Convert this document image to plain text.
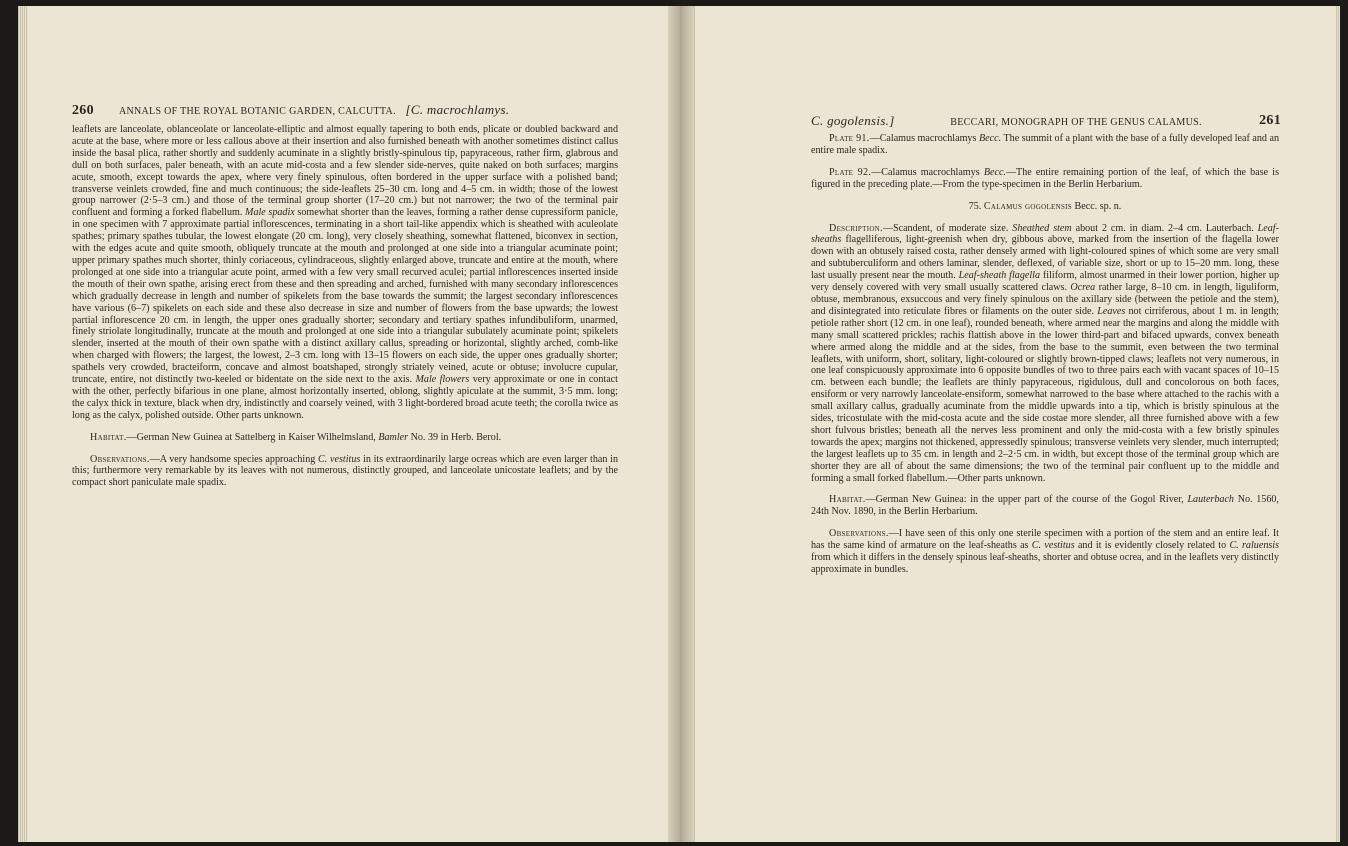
260	ANNALS OF THE ROYAL BOTANIC GARDEN, CALCUTTA. [C. macrochlamys.

leaflets are lanceolate, oblanceolate or lanceolate-elliptic and almost equally tapering to both ends, plicate or doubled backward and acute at the base, where more or less callous above at their insertion and also furnished beneath with another sometimes distinct callus inside the basal plica, rather shortly and suddenly acuminate in a slightly bristly-spinulous tip, papyraceous, rather firm, glabrous and dull on both surfaces, paler beneath, with an acute mid-costa and a few slender side-nerves, quite naked on both surfaces; margins acute, smooth, except towards the apex, where very finely spinulous, often bordered in the upper surface with a polished band; transverse veinlets crowded, fine and much continuous; the side-leaflets 25–30 cm. long and 4–5 cm. in width; those of the lowest group narrower (2·5–3 cm.) and those of the terminal group shorter (17–20 cm.) but not narrower; the two of the terminal pair confluent and forming a forked flabellum. Male spadix somewhat shorter than the leaves, forming a rather dense cupressiform panicle, in one specimen with 7 approximate partial inflorescences, terminating in a short tail-like appendix which is sheathed with aculeolate spathes; primary spathes tubular, the lowest elongate (20 cm. long), very closely sheathing, somewhat flattened, biconvex in section, with the edges acute and quite smooth, obliquely truncate at the mouth and prolonged at one side into a triangular acuminate point; upper primary spathes much shorter, thinly coriaceous, cylindraceous, slightly enlarged above, truncate and entire at the mouth, where prolonged at one side into a triangular acute point, armed with a few very small recurved aculei; partial inflorescences inserted inside the mouth of their own spathe, arising erect from these and then spreading and arched, furnished with many secondary inflorescences which gradually decrease in length and number of spikelets from the base towards the summit; the largest secondary inflorescences have various (6–7) spikelets on each side and these also decrease in size and number of flowers from the base upwards; the lowest partial inflorescence 20 cm. in length, the upper ones gradually shorter; secondary and tertiary spathes infundibuliform, unarmed, finely striolate longitudinally, truncate at the mouth and prolonged at one side into a triangular subulately acuminate point; spikelets slender, inserted at the mouth of their own spathe with a distinct axillary callus, spreading or horizontal, slightly arched, comb-like when charged with flowers; the largest, the lowest, 2–3 cm. long with 13–15 flowers on each side, the upper ones gradually shorter; spathels very crowded, bracteiform, concave and almost boatshaped, strongly striately veined, acute or obtuse; involucre cupular, truncate, entire, not distinctly two-keeled or bidentate on the side next to the axis. Male flowers very approximate or one in contact with the other, perfectly bifarious in one plane, almost horizontally inserted, oblong, slightly apiculate at the summit, 3·5 mm. long; the calyx thick in texture, black when dry, indistinctly and coarsely veined, with 3 light-bordered broad acute teeth; the corolla twice as long as the calyx, polished outside. Other parts unknown.

Habitat.—German New Guinea at Sattelberg in Kaiser Wilhelmsland, Bamler No. 39 in Herb. Berol.

Observations.—A very handsome species approaching C. vestitus in its extraordinarily large ocreas which are even larger than in this; furthermore very remarkable by its leaves with not numerous, distinctly grouped, and lanceolate unicostate leaflets; and by the compact short paniculate male spadix.

C. gogolensis.]	BECCARI, MONOGRAPH OF THE GENUS CALAMUS.	261

Plate 91.—Calamus macrochlamys Becc. The summit of a plant with the base of a fully developed leaf and an entire male spadix.

Plate 92.—Calamus macrochlamys Becc.—The entire remaining portion of the leaf, of which the base is figured in the preceding plate.—From the type-specimen in the Berlin Herbarium.

75. Calamus gogolensis Becc. sp. n.

Description.—Scandent, of moderate size. Sheathed stem about 2 cm. in diam. 2–4 cm. Lauterbach. Leaf-sheaths flagelliferous, light-greenish when dry, gibbous above, marked from the insertion of the flagella lower down with an obtusely raised costa, rather densely armed with light-coloured spines of which some are very small and subtuberculiform and others laminar, slender, deflexed, of variable size, short or up to 15–20 mm. long, these last usually present near the mouth. Leaf-sheath flagella filiform, almost unarmed in their lower portion, higher up very densely covered with very small usually scattered claws. Ocrea rather large, 8–10 cm. in length, liguliform, obtuse, membranous, exsuccous and very finely spinulous on the axillary side (between the petiole and the stem), and disintegrated into reticulate fibres or filaments on the outer side. Leaves not cirriferous, about 1 m. in length; petiole rather short (12 cm. in one leaf), rounded beneath, where armed near the margins and along the middle with many small scattered prickles; rachis flattish above in the lower third-part and bifaced upwards, convex beneath where armed along the middle and at the sides, from the base to the summit, even between the two terminal leaflets, with uniform, short, solitary, light-coloured or slightly brown-tipped claws; leaflets not very numerous, in one leaf conspicuously approximate into 6 opposite bundles of two to three pairs each with vacant spaces of 10–15 cm. between each bundle; the leaflets are thinly papyraceous, rigidulous, dull and concolorous on both faces, ensiform or very narrowly lanceolate-ensiform, somewhat narrowed to the base where attached to the rachis with a small axillary callus, gradually acuminate from the middle upwards into a tip, which is bristly spinulous at the sides, tricostulate with the mid-costa acute and the side costae more slender, all three furnished above with a few short fulvous bristles; beneath all the nerves less prominent and only the mid-costa with a few bristly spinules towards the apex; margins not thickened, appressedly spinulous; transverse veinlets very slender, much interrupted; the largest leaflets up to 35 cm. in length and 2–2·5 cm. in width, but except those of the terminal group which are shorter they are all of about the same dimensions; the two of the terminal pair confluent up to the middle and forming a small forked flabellum.—Other parts unknown.

Habitat.—German New Guinea: in the upper part of the course of the Gogol River, Lauterbach No. 1560, 24th Nov. 1890, in the Berlin Herbarium.

Observations.—I have seen of this only one sterile specimen with a portion of the stem and an entire leaf. It has the same kind of armature on the leaf-sheaths as C. vestitus and it is evidently closely related to C. raluensis from which it differs in the densely spinous leaf-sheaths, shorter and obtuse ocrea, and in the leaflets very distinctly approximate in bundles.
